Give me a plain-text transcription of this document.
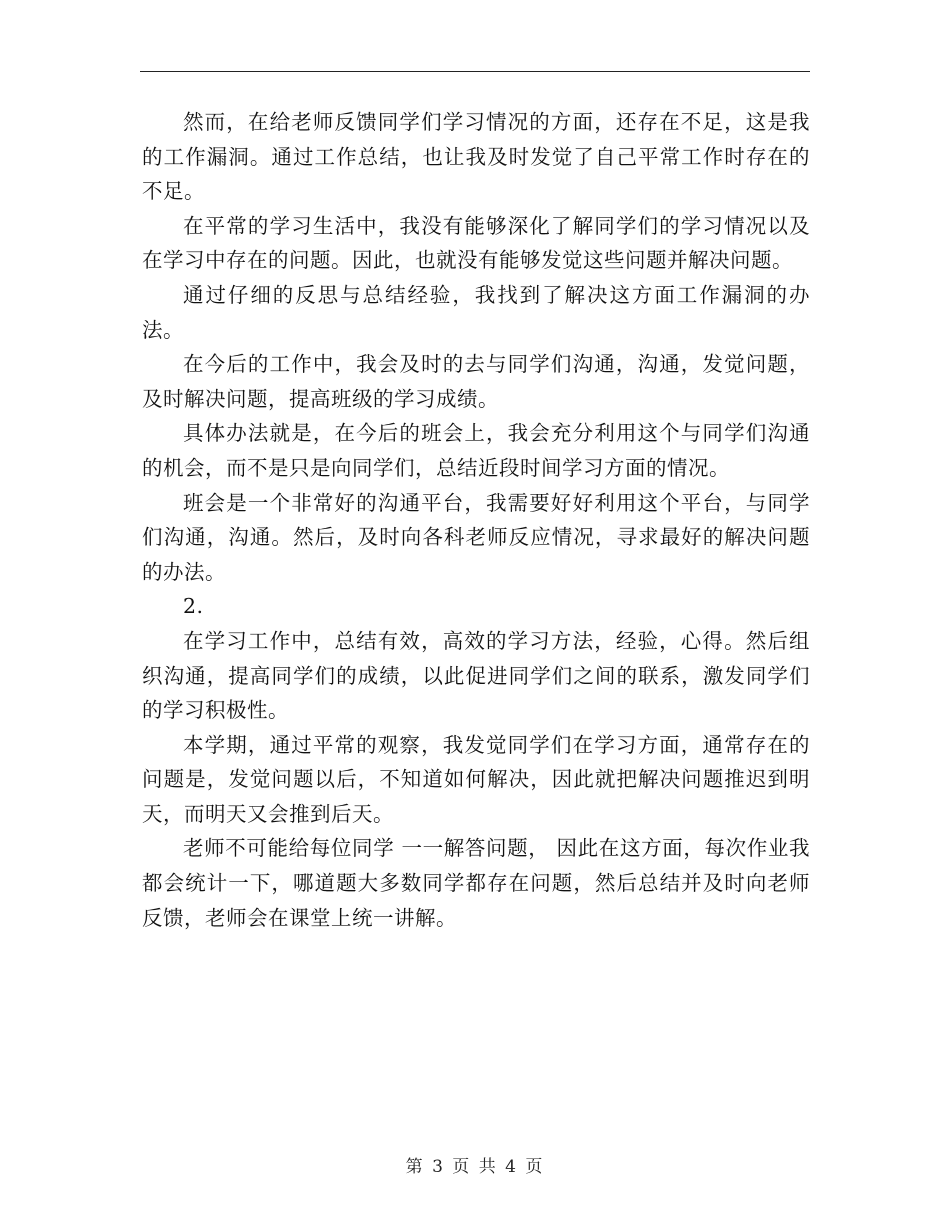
然而，在给老师反馈同学们学习情况的方面，还存在不足，这是我的工作漏洞。通过工作总结，也让我及时发觉了自己平常工作时存在的不足。

在平常的学习生活中，我没有能够深化了解同学们的学习情况以及在学习中存在的问题。因此，也就没有能够发觉这些问题并解决问题。

通过仔细的反思与总结经验，我找到了解决这方面工作漏洞的办法。

在今后的工作中，我会及时的去与同学们沟通，沟通，发觉问题，及时解决问题，提高班级的学习成绩。

具体办法就是，在今后的班会上，我会充分利用这个与同学们沟通的机会，而不是只是向同学们，总结近段时间学习方面的情况。

班会是一个非常好的沟通平台，我需要好好利用这个平台，与同学们沟通，沟通。然后，及时向各科老师反应情况，寻求最好的解决问题的办法。

2.

在学习工作中，总结有效，高效的学习方法，经验，心得。然后组织沟通，提高同学们的成绩，以此促进同学们之间的联系，激发同学们的学习积极性。

本学期，通过平常的观察，我发觉同学们在学习方面，通常存在的问题是，发觉问题以后，不知道如何解决，因此就把解决问题推迟到明天，而明天又会推到后天。

老师不可能给每位同学 一一解答问题， 因此在这方面，每次作业我都会统计一下，哪道题大多数同学都存在问题，然后总结并及时向老师反馈，老师会在课堂上统一讲解。

第 3 页 共 4 页
